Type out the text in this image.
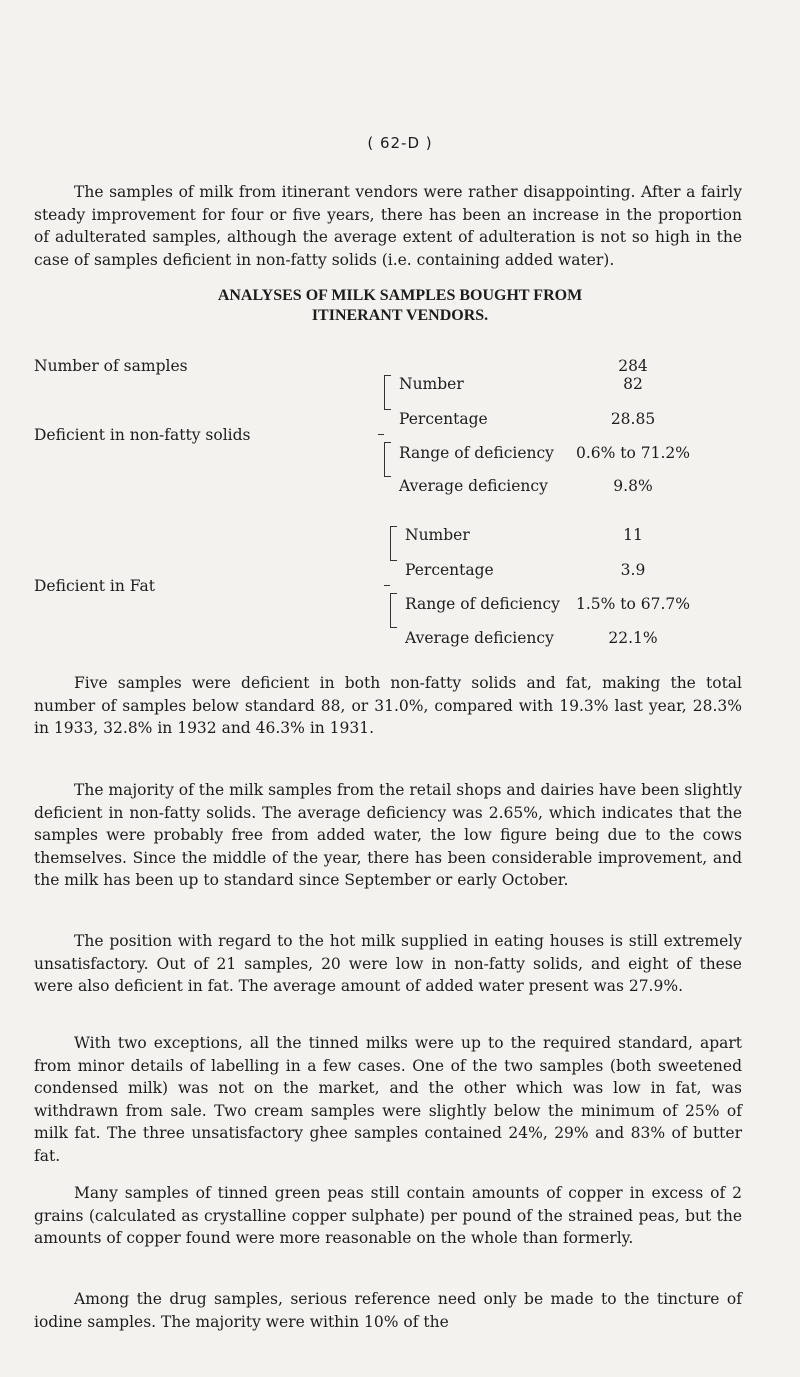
( 62-D )

The samples of milk from itinerant vendors were rather disappointing. After a fairly steady improvement for four or five years, there has been an increase in the proportion of adulterated samples, although the average extent of adulteration is not so high in the case of samples deficient in non-fatty solids (i.e. containing added water).

ANALYSES OF MILK SAMPLES BOUGHT FROM
ITINERANT VENDORS.
Number of samples	284
Deficient in non-fatty solids
Number	82
Percentage	28.85
Range of deficiency	0.6% to 71.2%
Average deficiency	9.8%
Deficient in Fat
Number	11
Percentage	3.9
Range of deficiency	1.5% to 67.7%
Average deficiency	22.1%

Five samples were deficient in both non-fatty solids and fat, making the total number of samples below standard 88, or 31.0%, compared with 19.3% last year, 28.3% in 1933, 32.8% in 1932 and 46.3% in 1931.

The majority of the milk samples from the retail shops and dairies have been slightly deficient in non-fatty solids. The average deficiency was 2.65%, which indicates that the samples were probably free from added water, the low figure being due to the cows themselves. Since the middle of the year, there has been considerable improvement, and the milk has been up to standard since September or early October.

The position with regard to the hot milk supplied in eating houses is still extremely unsatisfactory. Out of 21 samples, 20 were low in non-fatty solids, and eight of these were also deficient in fat. The average amount of added water present was 27.9%.

With two exceptions, all the tinned milks were up to the required standard, apart from minor details of labelling in a few cases. One of the two samples (both sweetened condensed milk) was not on the market, and the other which was low in fat, was withdrawn from sale. Two cream samples were slightly below the minimum of 25% of milk fat. The three unsatisfactory ghee samples contained 24%, 29% and 83% of butter fat.

Many samples of tinned green peas still contain amounts of copper in excess of 2 grains (calculated as crystalline copper sulphate) per pound of the strained peas, but the amounts of copper found were more reasonable on the whole than formerly.

Among the drug samples, serious reference need only be made to the tincture of iodine samples. The majority were within 10% of the
